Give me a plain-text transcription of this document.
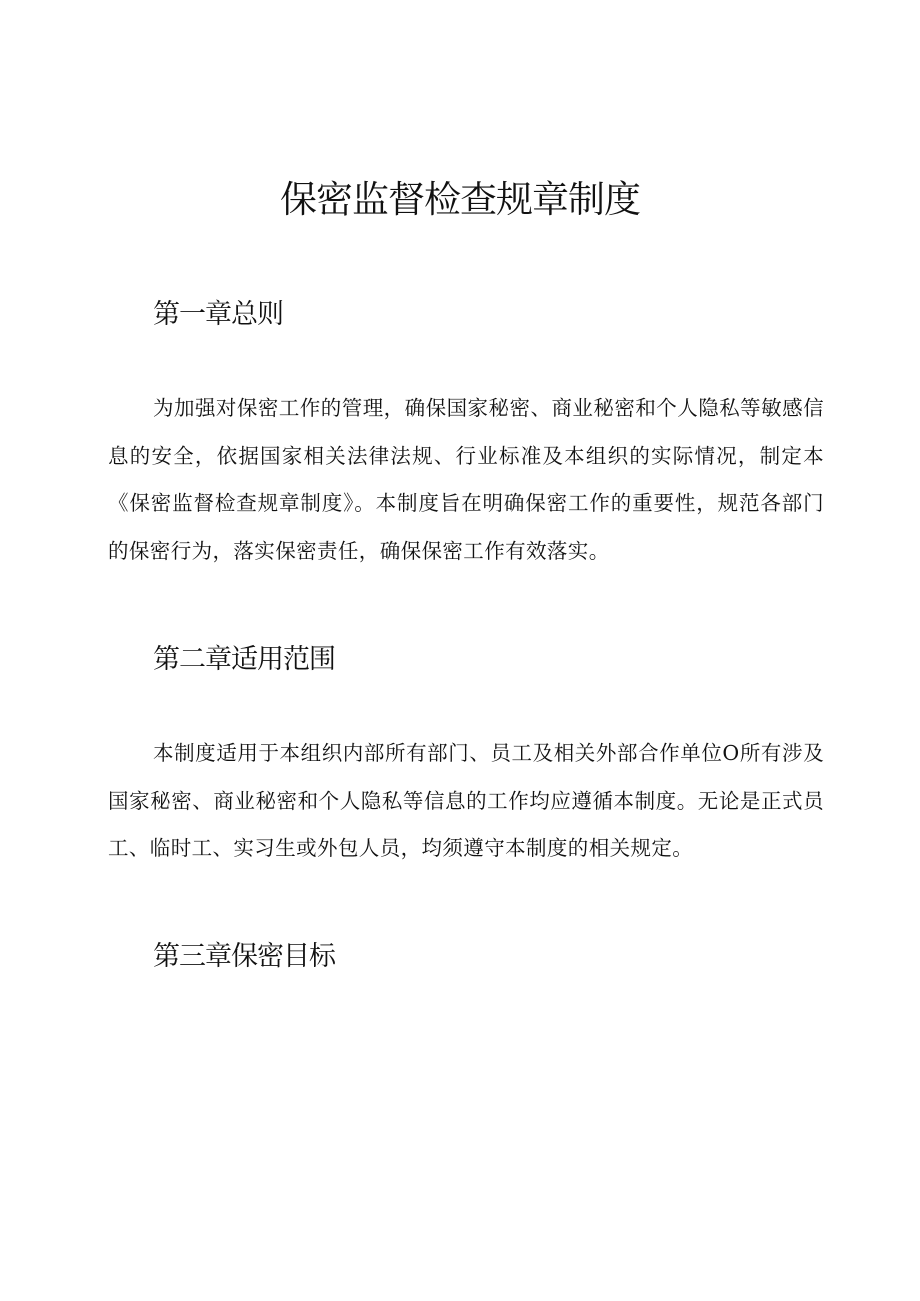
保密监督检查规章制度
第一章总则

为加强对保密工作的管理，确保国家秘密、商业秘密和个人隐私等敏感信息的安全，依据国家相关法律法规、行业标准及本组织的实际情况，制定本《保密监督检查规章制度》。本制度旨在明确保密工作的重要性，规范各部门的保密行为，落实保密责任，确保保密工作有效落实。

第二章适用范围

本制度适用于本组织内部所有部门、员工及相关外部合作单位O所有涉及国家秘密、商业秘密和个人隐私等信息的工作均应遵循本制度。无论是正式员工、临时工、实习生或外包人员，均须遵守本制度的相关规定。

第三章保密目标
